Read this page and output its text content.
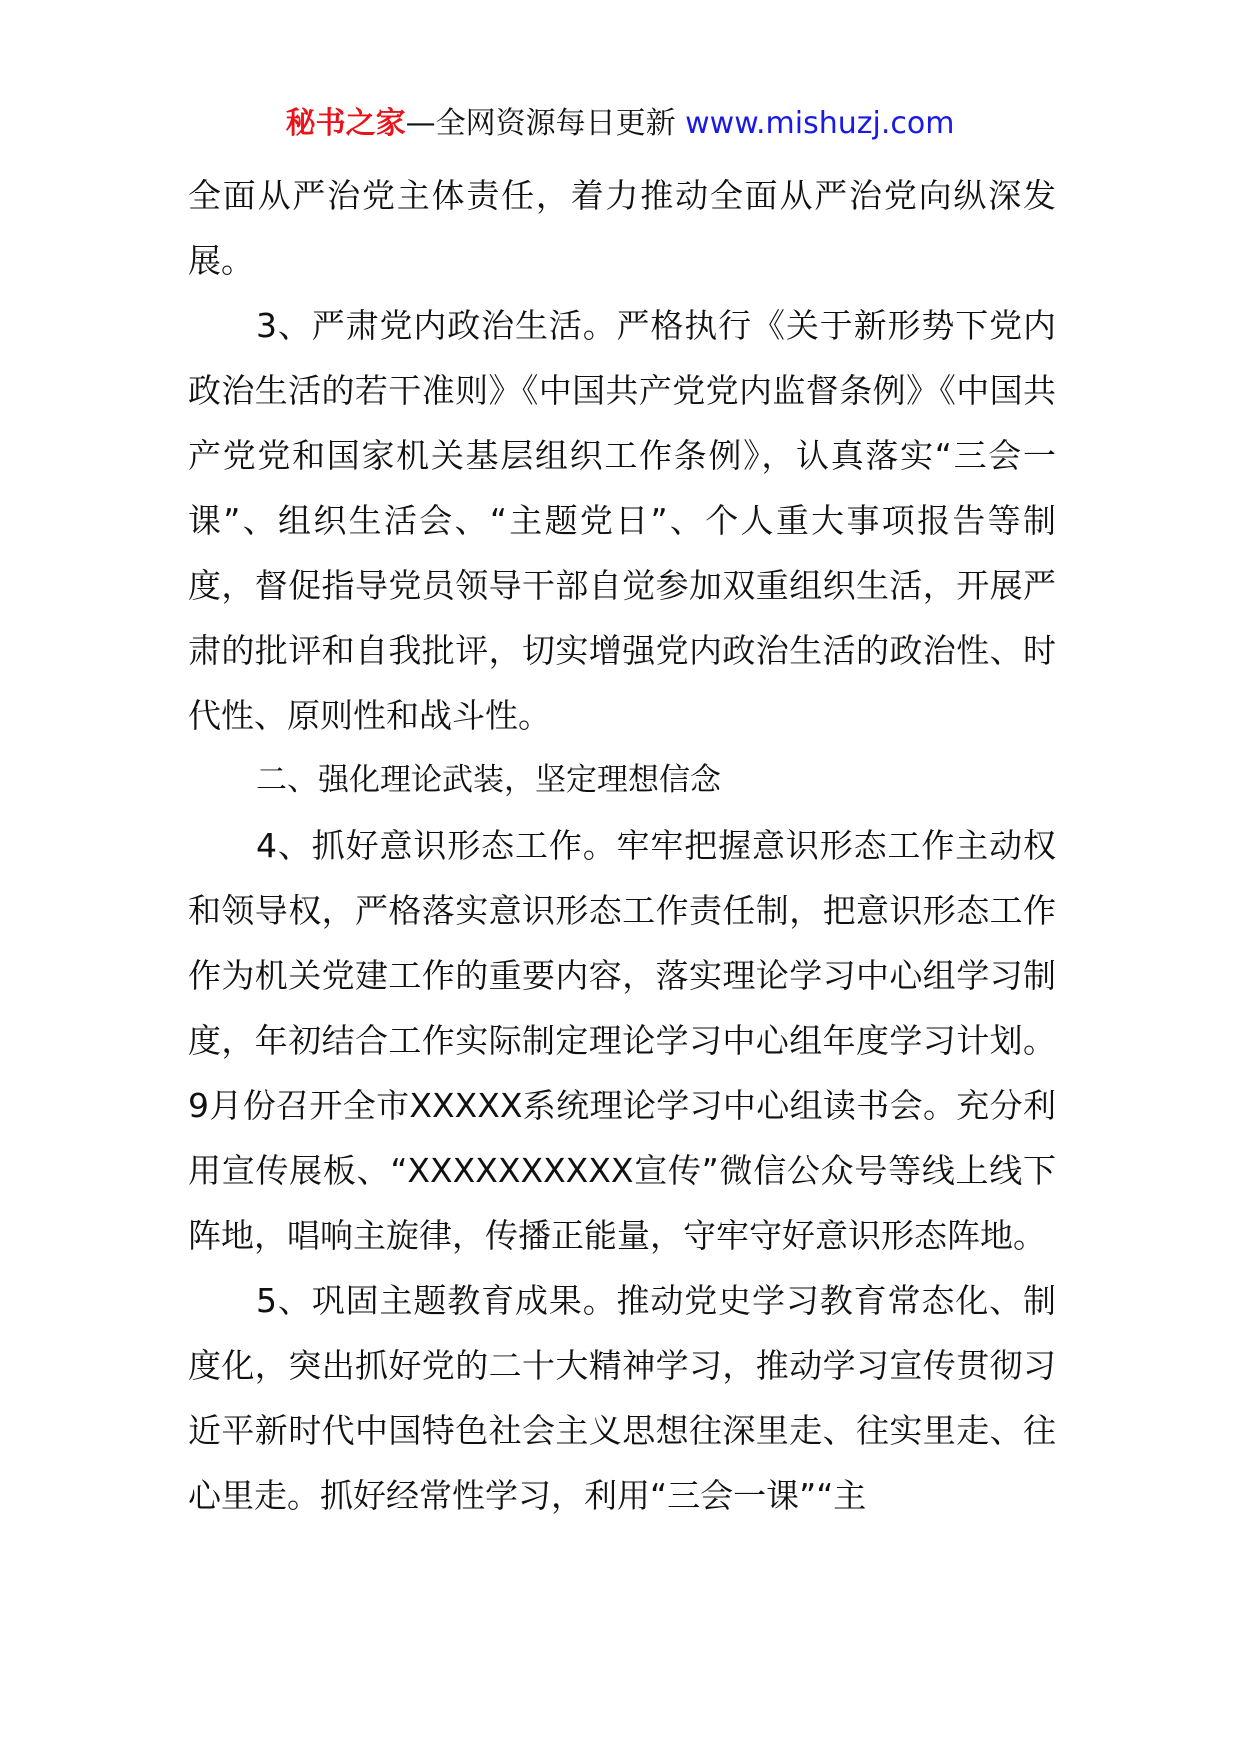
秘书之家—全网资源每日更新 www.mishuzj.com

全面从严治党主体责任，着力推动全面从严治党向纵深发展。

3、严肃党内政治生活。严格执行《关于新形势下党内政治生活的若干准则》《中国共产党党内监督条例》《中国共产党党和国家机关基层组织工作条例》，认真落实“三会一课”、组织生活会、“主题党日”、个人重大事项报告等制度，督促指导党员领导干部自觉参加双重组织生活，开展严肃的批评和自我批评，切实增强党内政治生活的政治性、时代性、原则性和战斗性。

二、强化理论武装，坚定理想信念

4、抓好意识形态工作。牢牢把握意识形态工作主动权和领导权，严格落实意识形态工作责任制，把意识形态工作作为机关党建工作的重要内容，落实理论学习中心组学习制度，年初结合工作实际制定理论学习中心组年度学习计划。9月份召开全市XXXXX系统理论学习中心组读书会。充分利用宣传展板、“XXXXXXXXXX宣传”微信公众号等线上线下阵地，唱响主旋律，传播正能量，守牢守好意识形态阵地。

5、巩固主题教育成果。推动党史学习教育常态化、制度化，突出抓好党的二十大精神学习，推动学习宣传贯彻习近平新时代中国特色社会主义思想往深里走、往实里走、往心里走。抓好经常性学习，利用“三会一课”“主
